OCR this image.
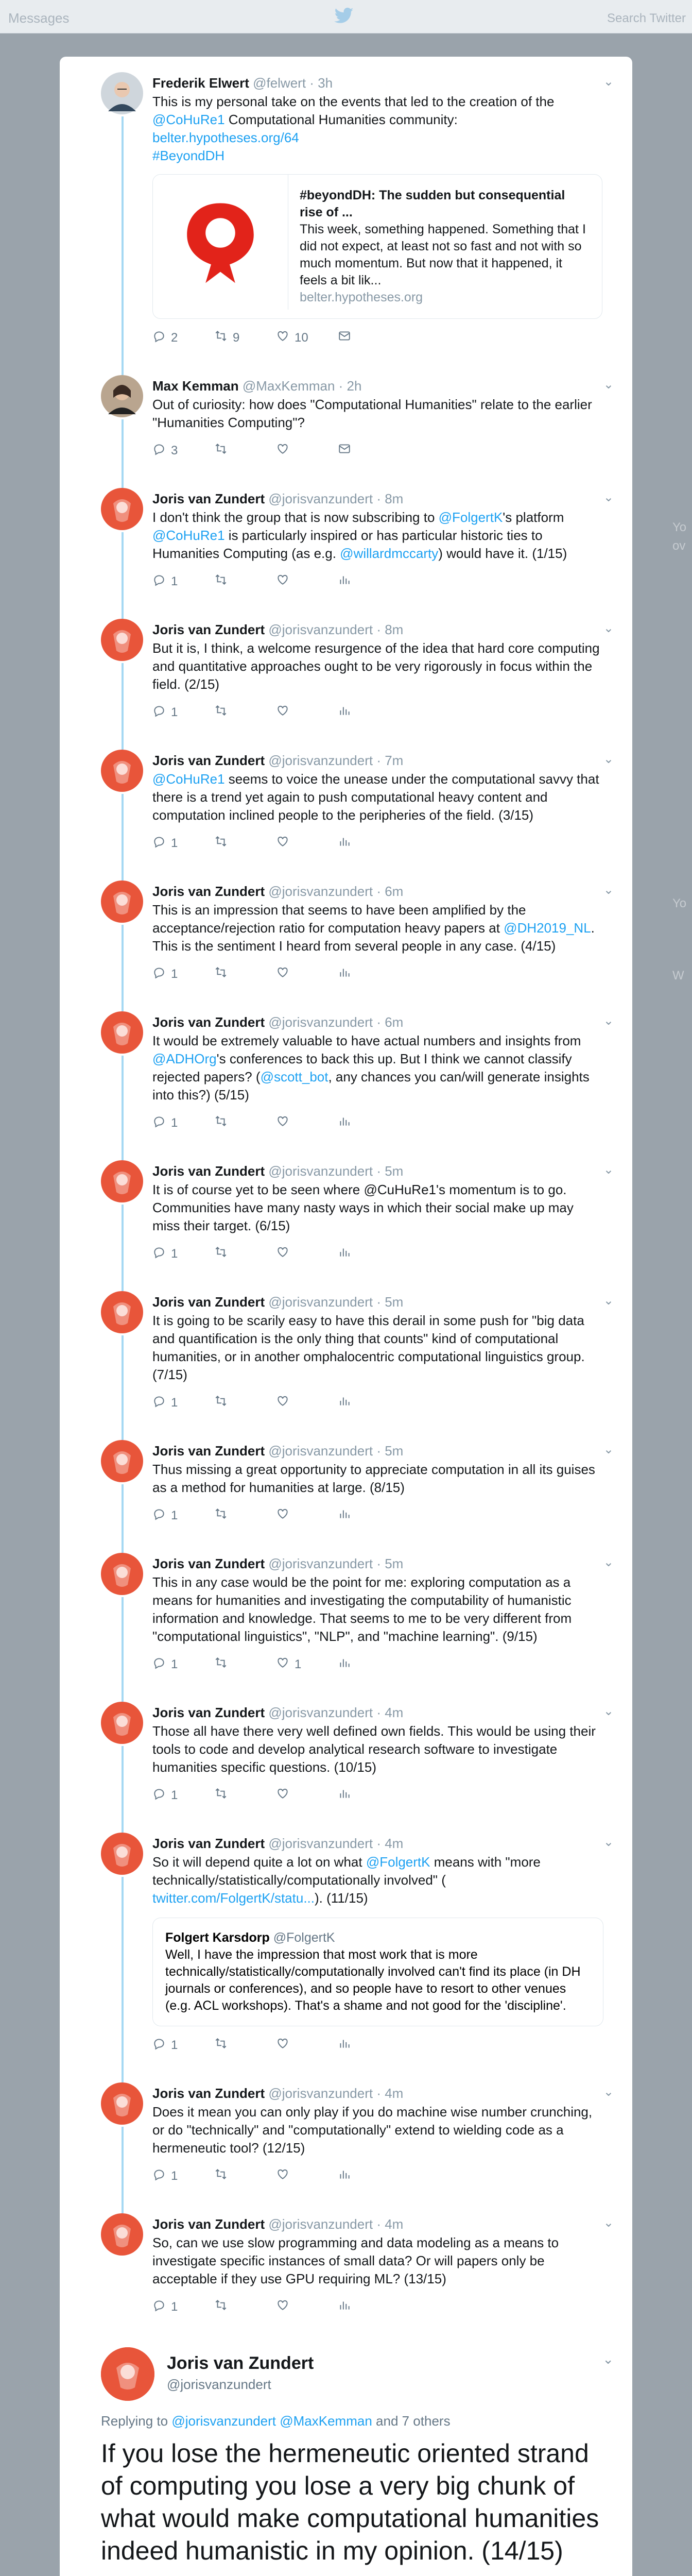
Messages	Search Twitter
Yo
ov
Yo
W
⌄
Frederik Elwert @felwert · 3h
This is my personal take on the events that led to the creation of the @CoHuRe1 Computational Humanities community:
belter.hypotheses.org/64
#BeyondDH
#beyondDH: The sudden but consequential rise of ...
This week, something happened. Something that I did not expect, at least not so fast and not with so much momentum. But now that it happened, it feels a bit lik...
belter.hypotheses.org
2	9	10
⌄
Max Kemman @MaxKemman · 2h
Out of curiosity: how does "Computational Humanities" relate to the earlier "Humanities Computing"?
3
⌄
Joris van Zundert @jorisvanzundert · 8m
I don't think the group that is now subscribing to @FolgertK's platform @CoHuRe1 is particularly inspired or has particular historic ties to Humanities Computing (as e.g. @willardmccarty) would have it. (1/15)
1
⌄
Joris van Zundert @jorisvanzundert · 8m
But it is, I think, a welcome resurgence of the idea that hard core computing and quantitative approaches ought to be very rigorously in focus within the field. (2/15)
1
⌄
Joris van Zundert @jorisvanzundert · 7m
@CoHuRe1 seems to voice the unease under the computational savvy that there is a trend yet again to push computational heavy content and computation inclined people to the peripheries of the field. (3/15)
1
⌄
Joris van Zundert @jorisvanzundert · 6m
This is an impression that seems to have been amplified by the acceptance/rejection ratio for computation heavy papers at @DH2019_NL. This is the sentiment I heard from several people in any case. (4/15)
1
⌄
Joris van Zundert @jorisvanzundert · 6m
It would be extremely valuable to have actual numbers and insights from @ADHOrg's conferences to back this up. But I think we cannot classify rejected papers? (@scott_bot, any chances you can/will generate insights into this?) (5/15)
1
⌄
Joris van Zundert @jorisvanzundert · 5m
It is of course yet to be seen where @CuHuRe1's momentum is to go. Communities have many nasty ways in which their social make up may miss their target. (6/15)
1
⌄
Joris van Zundert @jorisvanzundert · 5m
It is going to be scarily easy to have this derail in some push for "big data and quantification is the only thing that counts" kind of computational humanities, or in another omphalocentric computational linguistics group. (7/15)
1
⌄
Joris van Zundert @jorisvanzundert · 5m
Thus missing a great opportunity to appreciate computation in all its guises as a method for humanities at large. (8/15)
1
⌄
Joris van Zundert @jorisvanzundert · 5m
This in any case would be the point for me: exploring computation as a means for humanities and investigating the computability of humanistic information and knowledge. That seems to me to be very different from "computational linguistics", "NLP", and "machine learning". (9/15)
1	1
⌄
Joris van Zundert @jorisvanzundert · 4m
Those all have there very well defined own fields. This would be using their tools to code and develop analytical research software to investigate humanities specific questions. (10/15)
1
⌄
Joris van Zundert @jorisvanzundert · 4m
So it will depend quite a lot on what @FolgertK means with "more technically/statistically/computationally involved" ( twitter.com/FolgertK/statu...). (11/15)
Folgert Karsdorp @FolgertK
Well, I have the impression that most work that is more technically/statistically/computationally involved can't find its place (in DH journals or conferences), and so people have to resort to other venues (e.g. ACL workshops). That's a shame and not good for the 'discipline'.
1
⌄
Joris van Zundert @jorisvanzundert · 4m
Does it mean you can only play if you do machine wise number crunching, or do "technically" and "computationally" extend to wielding code as a hermeneutic tool? (12/15)
1
⌄
Joris van Zundert @jorisvanzundert · 4m
So, can we use slow programming and data modeling as a means to investigate specific instances of small data? Or will papers only be acceptable if they use GPU requiring ML? (13/15)
1
⌄
Joris van Zundert
@jorisvanzundert
Replying to @jorisvanzundert @MaxKemman and 7 others
If you lose the hermeneutic oriented strand of computing you lose a very big chunk of what would make computational humanities indeed humanistic in my opinion. (14/15)
